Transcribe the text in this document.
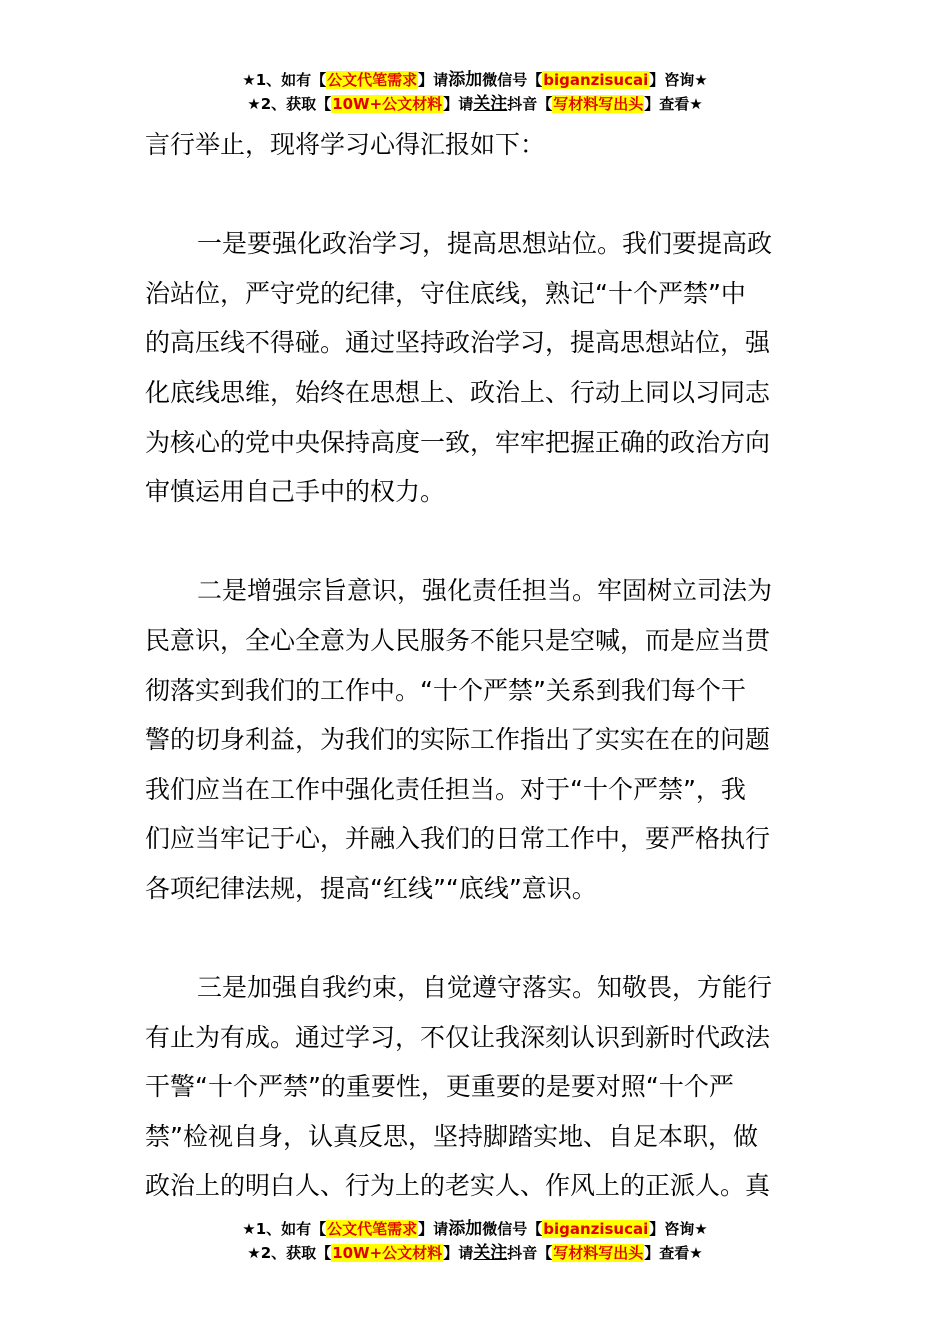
★1、如有【公文代笔需求】请添加微信号【biganzisucai】咨询★
★2、获取【10W+公文材料】请关注抖音【写材料写出头】查看★
言行举止，现将学习心得汇报如下：
一是要强化政治学习，提高思想站位。我们要提高政
治站位，严守党的纪律，守住底线，熟记“十个严禁”中
的高压线不得碰。通过坚持政治学习，提高思想站位，强
化底线思维，始终在思想上、政治上、行动上同以习同志
为核心的党中央保持高度一致，牢牢把握正确的政治方向
审慎运用自己手中的权力。
二是增强宗旨意识，强化责任担当。牢固树立司法为
民意识，全心全意为人民服务不能只是空喊，而是应当贯
彻落实到我们的工作中。“十个严禁”关系到我们每个干
警的切身利益，为我们的实际工作指出了实实在在的问题
我们应当在工作中强化责任担当。对于“十个严禁”，我
们应当牢记于心，并融入我们的日常工作中，要严格执行
各项纪律法规，提高“红线”“底线”意识。
三是加强自我约束，自觉遵守落实。知敬畏，方能行
有止为有成。通过学习，不仅让我深刻认识到新时代政法
干警“十个严禁”的重要性，更重要的是要对照“十个严
禁”检视自身，认真反思，坚持脚踏实地、自足本职，做
政治上的明白人、行为上的老实人、作风上的正派人。真
★1、如有【公文代笔需求】请添加微信号【biganzisucai】咨询★
★2、获取【10W+公文材料】请关注抖音【写材料写出头】查看★
